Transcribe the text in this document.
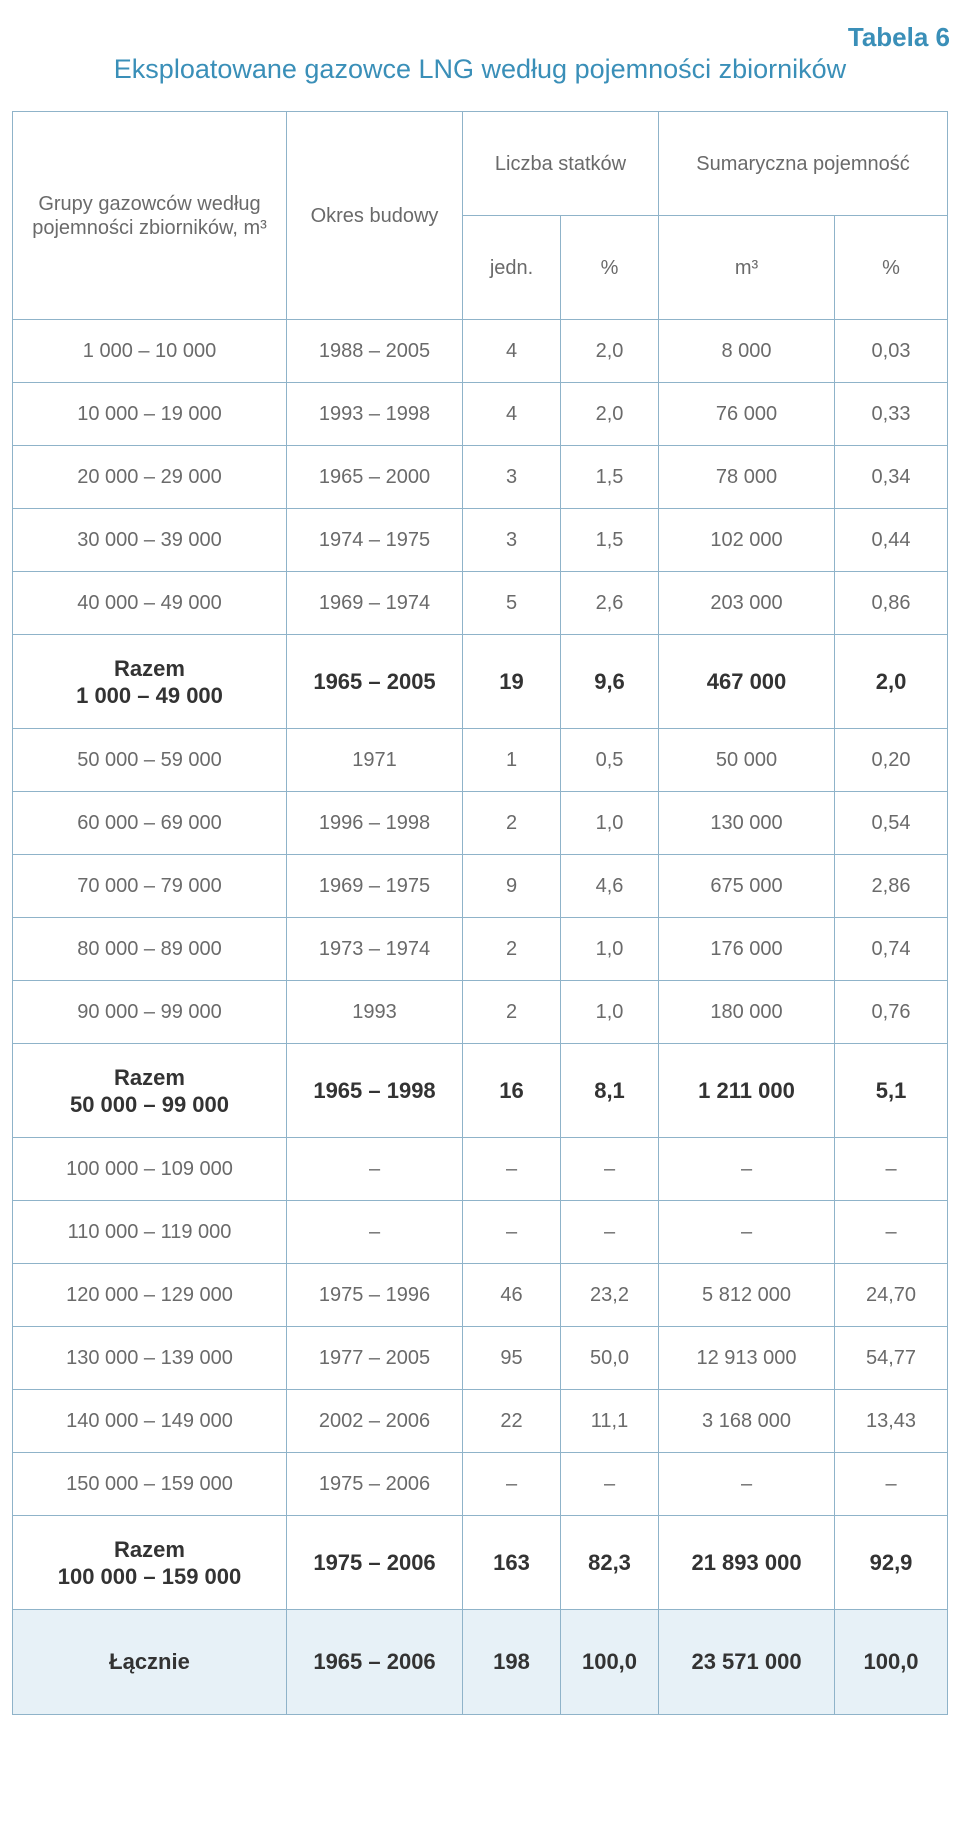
Tabela 6
Eksploatowane gazowce LNG według pojemności zbiorników
Grupy gazowców według pojemności zbiorników, m³	Okres budowy	Liczba statków		Sumaryczna pojemność	
		jedn.	%	m³	%
1 000 – 10 000	1988 – 2005	4	2,0	8 000	0,03
10 000 – 19 000	1993 – 1998	4	2,0	76 000	0,33
20 000 – 29 000	1965 – 2000	3	1,5	78 000	0,34
30 000 – 39 000	1974 – 1975	3	1,5	102 000	0,44
40 000 – 49 000	1969 – 1974	5	2,6	203 000	0,86

Razem
1 000 – 49 000	1965 – 2005	19	9,6	467 000	2,0
50 000 – 59 000	1971	1	0,5	50 000	0,20
60 000 – 69 000	1996 – 1998	2	1,0	130 000	0,54
70 000 – 79 000	1969 – 1975	9	4,6	675 000	2,86
80 000 – 89 000	1973 – 1974	2	1,0	176 000	0,74
90 000 – 99 000	1993	2	1,0	180 000	0,76

Razem
50 000 – 99 000	1965 – 1998	16	8,1	1 211 000	5,1
100 000 – 109 000	–	–	–	–	–
110 000 – 119 000	–	–	–	–	–
120 000 – 129 000	1975 – 1996	46	23,2	5 812 000	24,70
130 000 – 139 000	1977 – 2005	95	50,0	12 913 000	54,77
140 000 – 149 000	2002 – 2006	22	11,1	3 168 000	13,43
150 000 – 159 000	1975 – 2006	–	–	–	–

Razem
100 000 – 159 000	1975 – 2006	163	82,3	21 893 000	92,9
Łącznie	1965 – 2006	198	100,0	23 571 000	100,0
